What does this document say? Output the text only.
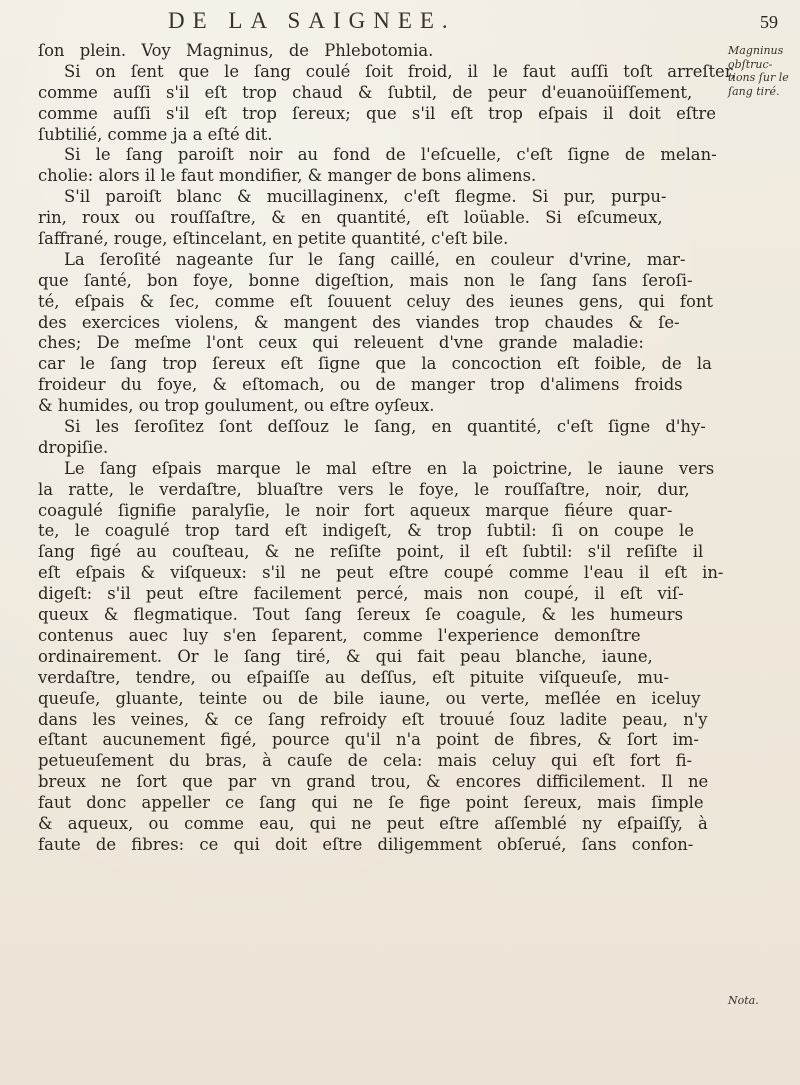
DE LA SAIGNEE.	59
Magninus
obſtruc-
tions ſur le
ſang tiré.
Nota.
ſon plein. Voy Magninus, de Phlebotomia.
Si on ſent que le ſang coulé ſoit froid, il le faut auſſi toſt arreſter,
comme auſſi s'il eſt trop chaud & ſubtil, de peur d'euanoüiſſement,
comme auſſi s'il eſt trop ſereux; que s'il eſt trop eſpais il doit eſtre
ſubtilié, comme ja a eſté dit.
Si le ſang paroiſt noir au fond de l'eſcuelle, c'eſt ſigne de melan-
cholie: alors il le faut mondifier, & manger de bons alimens.
S'il paroiſt blanc & mucillaginenx, c'eſt flegme. Si pur, purpu-
rin, roux ou rouſſaſtre, & en quantité, eſt loüable. Si eſcumeux,
ſaffrané, rouge, eſtincelant, en petite quantité, c'eſt bile.
La ſeroſité nageante ſur le ſang caillé, en couleur d'vrine, mar-
que ſanté, bon foye, bonne digeſtion, mais non le ſang ſans ſeroſi-
té, eſpais & ſec, comme eſt ſouuent celuy des ieunes gens, qui font
des exercices violens, & mangent des viandes trop chaudes & ſe-
ches; De meſme l'ont ceux qui releuent d'vne grande maladie:
car le ſang trop ſereux eſt ſigne que la concoction eſt foible, de la
froideur du foye, & eſtomach, ou de manger trop d'alimens froids
& humides, ou trop goulument, ou eſtre oyſeux.
Si les ſeroſitez ſont deſſouz le ſang, en quantité, c'eſt ſigne d'hy-
dropiſie.
Le ſang eſpais marque le mal eſtre en la poictrine, le iaune vers
la ratte, le verdaſtre, bluaſtre vers le foye, le rouſſaſtre, noir, dur,
coagulé ſignifie paralyſie, le noir fort aqueux marque fiéure quar-
te, le coagulé trop tard eſt indigeſt, & trop ſubtil: ſi on coupe le
ſang figé au couſteau, & ne reſiſte point, il eſt ſubtil: s'il reſiſte il
eſt eſpais & viſqueux: s'il ne peut eſtre coupé comme l'eau il eſt in-
digeſt: s'il peut eſtre facilement percé, mais non coupé, il eſt viſ-
queux & flegmatique. Tout ſang ſereux ſe coagule, & les humeurs
contenus auec luy s'en ſeparent, comme l'experience demonſtre
ordinairement. Or le ſang tiré, & qui fait peau blanche, iaune,
verdaſtre, tendre, ou eſpaiſſe au deſſus, eſt pituite viſqueuſe, mu-
queuſe, gluante, teinte ou de bile iaune, ou verte, meſlée en iceluy
dans les veines, & ce ſang refroidy eſt trouué ſouz ladite peau, n'y
eſtant aucunement figé, pource qu'il n'a point de fibres, & ſort im-
petueuſement du bras, à cauſe de cela: mais celuy qui eſt fort fi-
breux ne ſort que par vn grand trou, & encores difficilement. Il ne
faut donc appeller ce ſang qui ne ſe fige point ſereux, mais ſimple
& aqueux, ou comme eau, qui ne peut eſtre aſſemblé ny eſpaiſſy, à
faute de fibres: ce qui doit eſtre diligemment obſerué, ſans confon-
